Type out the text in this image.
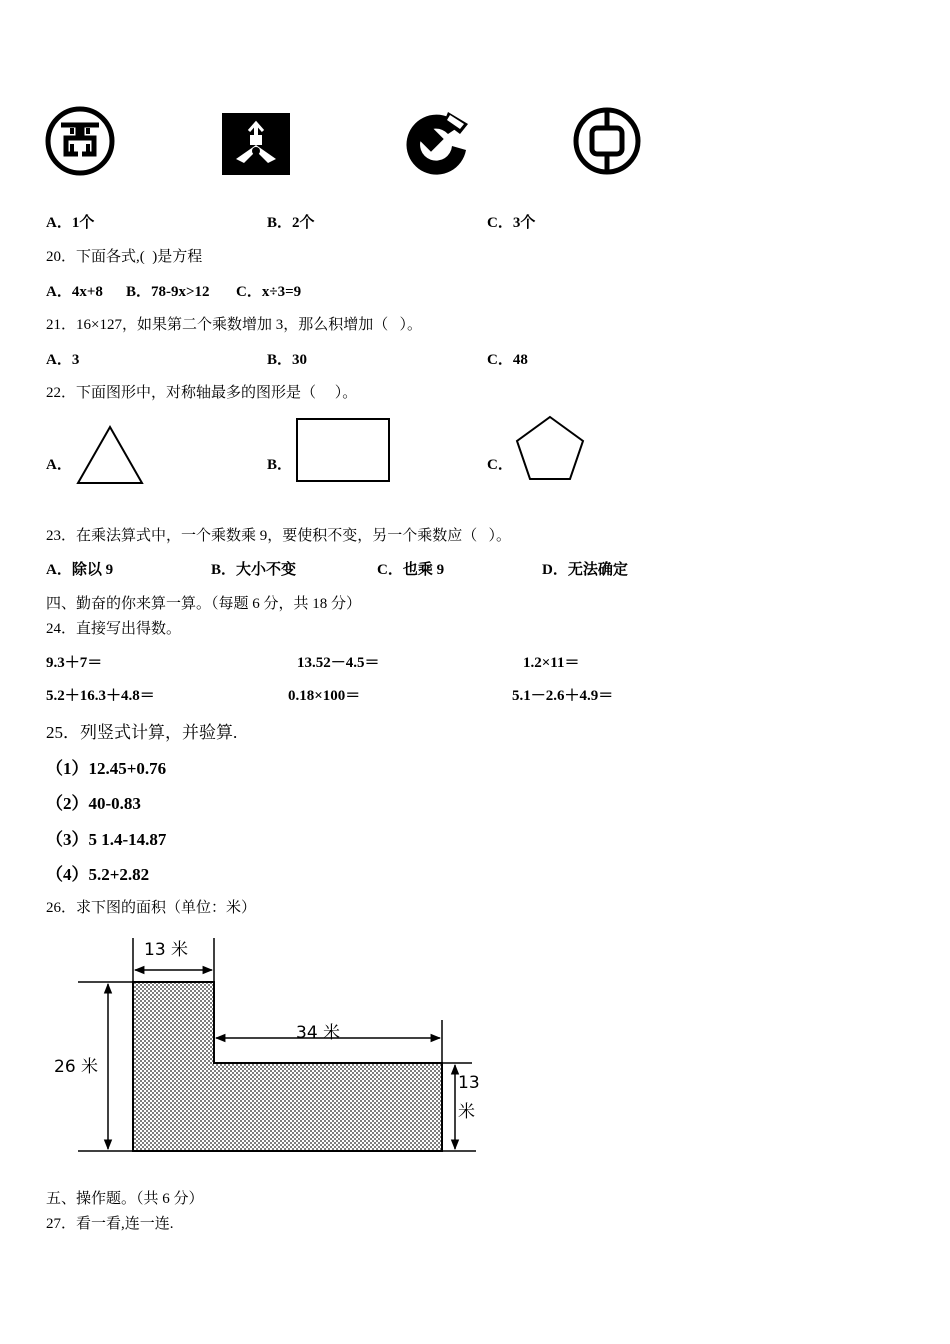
A．1个	B．2个	C．3个
20．下面各式,(  )是方程
A．4x+8 B．78-9x>12 C．x÷3=9
21．16×127，如果第二个乘数增加 3，那么积增加（   ）。
A．3	B．30	C．48
22．下面图形中，对称轴最多的图形是（     ）。
A．	B．	C．
23．在乘法算式中，一个乘数乘 9，要使积不变，另一个乘数应（   ）。
A．除以 9	B．大小不变	C．也乘 9	D．无法确定
四、勤奋的你来算一算。（每题 6 分，共 18 分）
24．直接写出得数。
9.3＋7＝	13.52－4.5＝	1.2×11＝
5.2＋16.3＋4.8＝	0.18×100＝	5.1－2.6＋4.9＝
25．列竖式计算，并验算.
（1）12.45+0.76
（2）40-0.83
（3）5 1.4-14.87
（4）5.2+2.82
26．求下图的面积（单位：米）
13 米
26 米
34 米
13
米
五、操作题。（共 6 分）
27．看一看,连一连.
